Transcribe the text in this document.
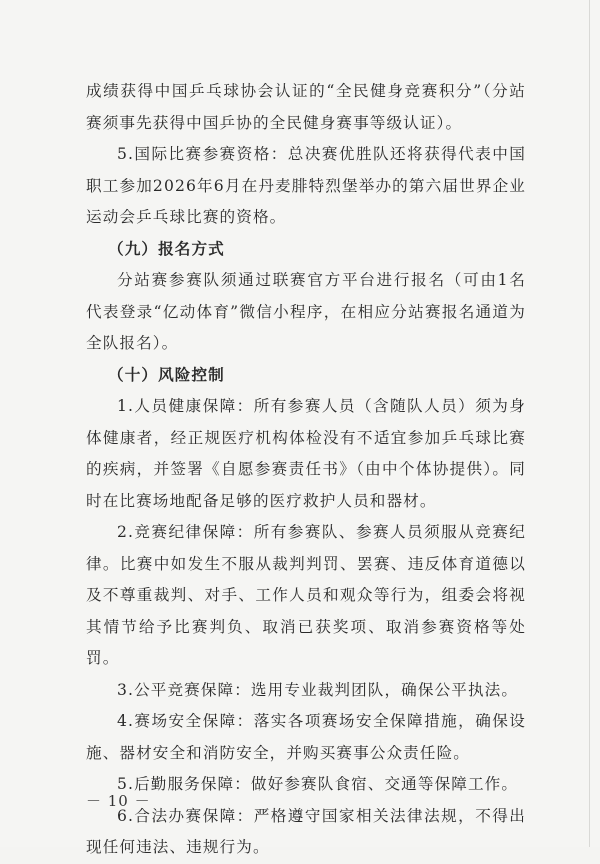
成绩获得中国乒乓球协会认证的“全民健身竞赛积分”（分站赛须事先获得中国乒协的全民健身赛事等级认证）。

5.国际比赛参赛资格：总决赛优胜队还将获得代表中国职工参加2026年6月在丹麦腓特烈堡举办的第六届世界企业运动会乒乓球比赛的资格。

（九）报名方式

分站赛参赛队须通过联赛官方平台进行报名（可由1名代表登录“亿动体育”微信小程序，在相应分站赛报名通道为全队报名）。

（十）风险控制

1.人员健康保障：所有参赛人员（含随队人员）须为身体健康者，经正规医疗机构体检没有不适宜参加乒乓球比赛的疾病，并签署《自愿参赛责任书》（由中个体协提供）。同时在比赛场地配备足够的医疗救护人员和器材。

2.竞赛纪律保障：所有参赛队、参赛人员须服从竞赛纪律。比赛中如发生不服从裁判判罚、罢赛、违反体育道德以及不尊重裁判、对手、工作人员和观众等行为，组委会将视其情节给予比赛判负、取消已获奖项、取消参赛资格等处罚。

3.公平竞赛保障：选用专业裁判团队，确保公平执法。

4.赛场安全保障：落实各项赛场安全保障措施，确保设施、器材安全和消防安全，并购买赛事公众责任险。

5.后勤服务保障：做好参赛队食宿、交通等保障工作。

6.合法办赛保障：严格遵守国家相关法律法规，不得出现任何违法、违规行为。

－ 10 －
